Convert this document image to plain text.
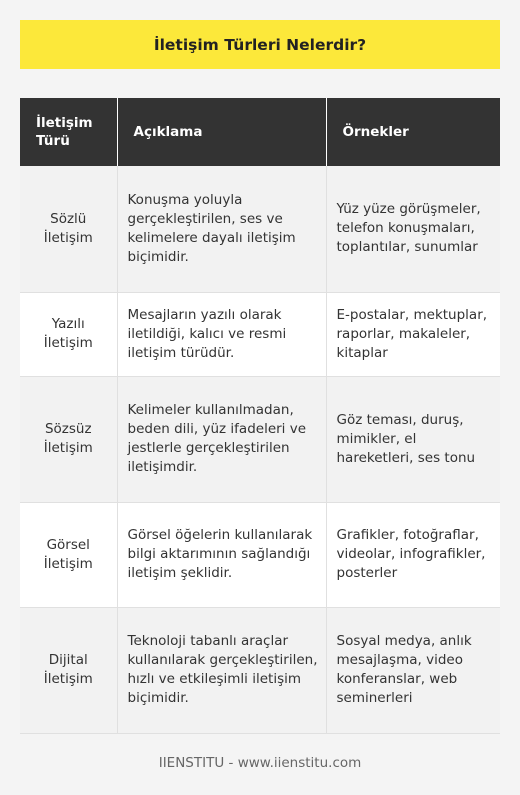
İletişim Türleri Nelerdir?
İletişim Türü	Açıklama	Örnekler
Sözlü İletişim	Konuşma yoluyla gerçekleştirilen, ses ve kelimelere dayalı iletişim biçimidir.	Yüz yüze görüşmeler, telefon konuşmaları, toplantılar, sunumlar
Yazılı İletişim	Mesajların yazılı olarak iletildiği, kalıcı ve resmi iletişim türüdür.	E-postalar, mektuplar, raporlar, makaleler, kitaplar
Sözsüz İletişim	Kelimeler kullanılmadan, beden dili, yüz ifadeleri ve jestlerle gerçekleştirilen iletişimdir.	Göz teması, duruş, mimikler, el hareketleri, ses tonu
Görsel İletişim	Görsel öğelerin kullanılarak bilgi aktarımının sağlandığı iletişim şeklidir.	Grafikler, fotoğraflar, videolar, infografikler, posterler
Dijital İletişim	Teknoloji tabanlı araçlar kullanılarak gerçekleştirilen, hızlı ve etkileşimli iletişim biçimidir.	Sosyal medya, anlık mesajlaşma, video konferanslar, web seminerleri
IIENSTITU - www.iienstitu.com
